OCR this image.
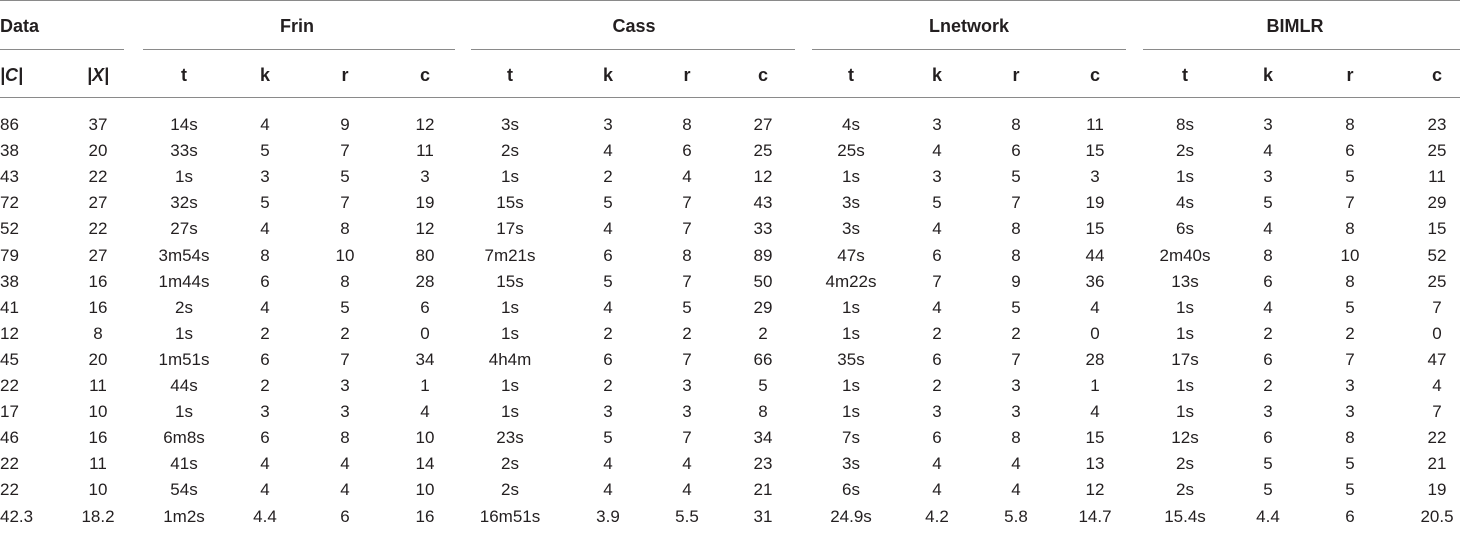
Data	Frin	Cass	Lnetwork	BIMLR
|C|	|X|	t	k	r	c	t	k	r	c	t	k	r	c	t	k	r	c
86	37	14s	4	9	12	3s	3	8	27	4s	3	8	11	8s	3	8	23
38	20	33s	5	7	11	2s	4	6	25	25s	4	6	15	2s	4	6	25
43	22	1s	3	5	3	1s	2	4	12	1s	3	5	3	1s	3	5	11
72	27	32s	5	7	19	15s	5	7	43	3s	5	7	19	4s	5	7	29
52	22	27s	4	8	12	17s	4	7	33	3s	4	8	15	6s	4	8	15
79	27	3m54s	8	10	80	7m21s	6	8	89	47s	6	8	44	2m40s	8	10	52
38	16	1m44s	6	8	28	15s	5	7	50	4m22s	7	9	36	13s	6	8	25
41	16	2s	4	5	6	1s	4	5	29	1s	4	5	4	1s	4	5	7
12	8	1s	2	2	0	1s	2	2	2	1s	2	2	0	1s	2	2	0
45	20	1m51s	6	7	34	4h4m	6	7	66	35s	6	7	28	17s	6	7	47
22	11	44s	2	3	1	1s	2	3	5	1s	2	3	1	1s	2	3	4
17	10	1s	3	3	4	1s	3	3	8	1s	3	3	4	1s	3	3	7
46	16	6m8s	6	8	10	23s	5	7	34	7s	6	8	15	12s	6	8	22
22	11	41s	4	4	14	2s	4	4	23	3s	4	4	13	2s	5	5	21
22	10	54s	4	4	10	2s	4	4	21	6s	4	4	12	2s	5	5	19
42.3	18.2	1m2s	4.4	6	16	16m51s	3.9	5.5	31	24.9s	4.2	5.8	14.7	15.4s	4.4	6	20.5
